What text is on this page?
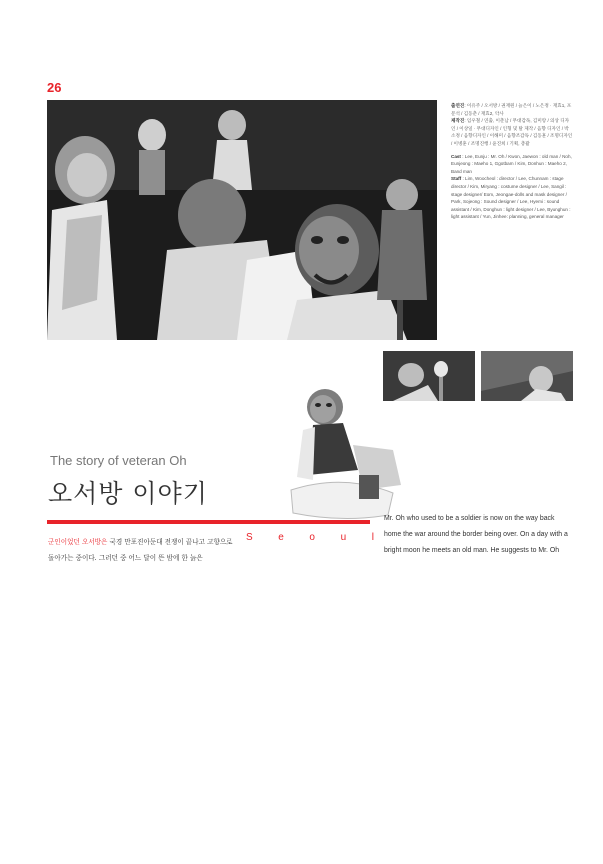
26

출연진: 이유주 / 오서방 / 권재원 / 늙은이 / 노은정 · 재효1, 포문석 / 김동춘 / 재효2, 악사
제작진: 임우철 / 연출, 이춘남 / 무대감독, 김미랑 / 의상 디자인 / 이상일 · 무대디자인 / 인형 및 탈 제작 / 음향 디자인 / 박소정 / 음향디자인 / 이해미 / 음향조감독 / 김동훈 / 조명디자인 / 이병훈 / 조명진행 / 윤진희 / 기획, 총괄

Cast : Lee, Eunju : Mr. Oh / Kwon, Jaewon : old man / Noh, Eunjeong : Maeho 1, Ggotbam / Kim, Donhun : Maeho 2, Band man
Staff : Lim, Woocheol : director / Lee, Chunnam : stage director / Kim, Miryang : costume designer / Lee, Sangil : stage designer/ Eom, Jeongae-dolls and mask designer / Park, Sojeong : Sound designer / Lee, Hyemi : sound assistant / Kim, Donghun : light designer / Lee, Byunghun : light assistant / Yun, Jinhee: planning, general manager

The story of veteran Oh
오서방 이야기
S	e	o	u	l
군인이었던 오서방은 국경 만포진아둔대 전쟁이 끝나고 고향으로 돌아가는 중이다. 그러던 중 어느 달이 뜬 밤에 한 늙은
Mr. Oh who used to be a soldier is now on the way back home the war around the border being over. On a day with a bright moon he meets an old man. He suggests to Mr. Oh
